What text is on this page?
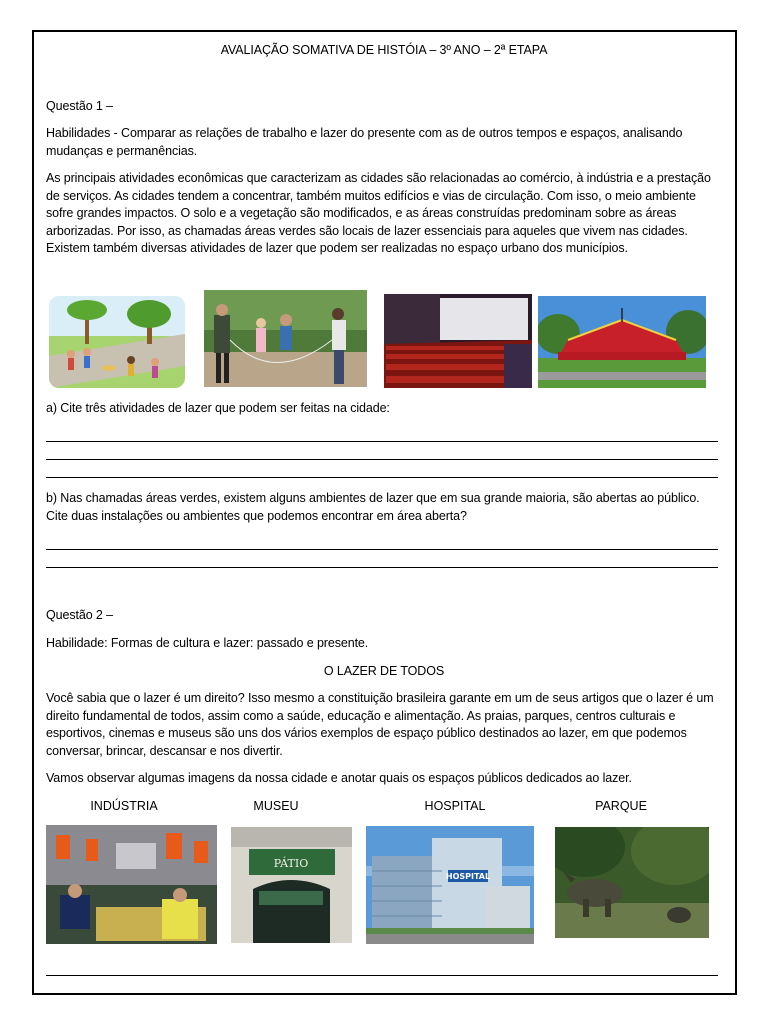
AVALIAÇÃO SOMATIVA DE HISTÓIA – 3º ANO – 2ª ETAPA
Questão 1 –
Habilidades - Comparar as relações de trabalho e lazer do presente com as de outros tempos e espaços, analisando mudanças e permanências.
As principais atividades econômicas que caracterizam as cidades são relacionadas ao comércio, à indústria e a prestação de serviços. As cidades tendem a concentrar, também muitos edifícios e vias de circulação. Com isso, o meio ambiente sofre grandes impactos. O solo e a vegetação são modificados, e as áreas construídas predominam sobre as áreas arborizadas. Por isso, as chamadas áreas verdes são locais de lazer essenciais para aqueles que vivem nas cidades. Existem também diversas atividades de lazer que podem ser realizadas no espaço urbano dos municípios.
a) Cite três atividades de lazer que podem ser feitas na cidade:
b) Nas chamadas áreas verdes, existem alguns ambientes de lazer que em sua grande maioria, são abertas ao público. Cite duas instalações ou ambientes que podemos encontrar em área aberta?
Questão 2 –
Habilidade: Formas de cultura e lazer: passado e presente.
O LAZER DE TODOS
Você sabia que o lazer é um direito? Isso mesmo a constituição brasileira garante em um de seus artigos que o lazer é um direito fundamental de todos, assim como a saúde, educação e alimentação. As praias, parques, centros culturais e esportivos, cinemas e museus são uns dos vários exemplos de espaço público destinados ao lazer, em que podemos conversar, brincar, descansar e nos divertir.
Vamos observar algumas imagens da nossa cidade e anotar quais os espaços públicos dedicados ao lazer.
INDÚSTRIA	MUSEU	HOSPITAL	PARQUE
PÁTIO
HOSPITAL
